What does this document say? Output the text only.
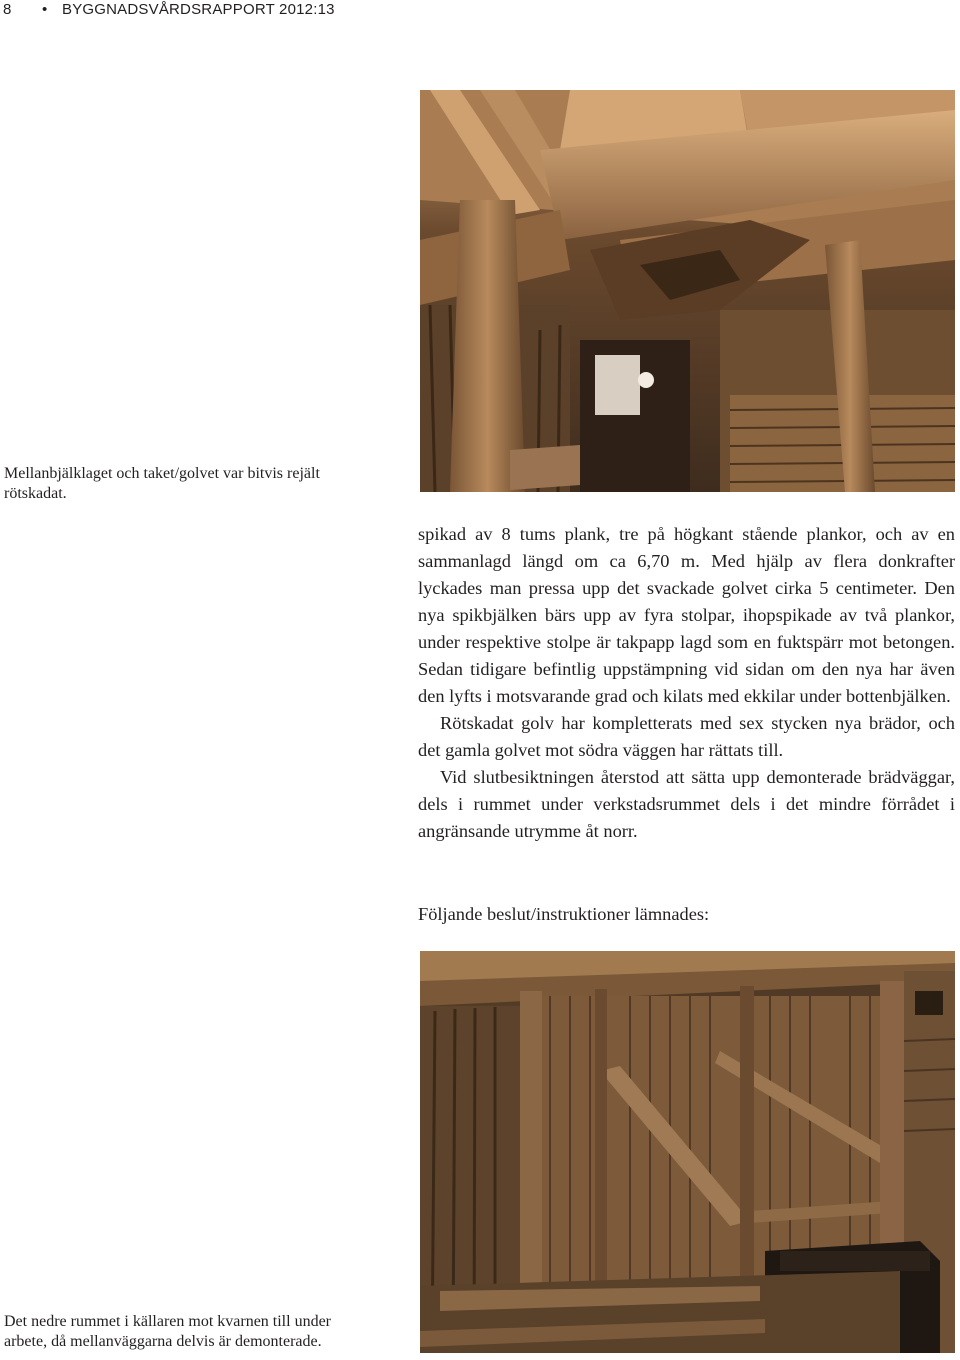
8 • BYGGNADSVÅRDSRAPPORT 2012:13
Mellanbjälklaget och taket/golvet var bitvis rejält rötskadat.

spikad av 8 tums plank, tre på högkant stående plankor, och av en sammanlagd längd om ca 6,70 m. Med hjälp av flera donkrafter lyckades man pressa upp det svackade golvet cirka 5 centimeter. Den nya spikbjälken bärs upp av fyra stolpar, ihopspikade av två plankor, under respektive stolpe är takpapp lagd som en fuktspärr mot betongen. Sedan tidigare befintlig uppstämpning vid sidan om den nya har även den lyfts i motsvarande grad och kilats med ekkilar under bottenbjälken.

Rötskadat golv har kompletterats med sex stycken nya brädor, och det gamla golvet mot södra väggen har rättats till.

Vid slutbesiktningen återstod att sätta upp demonterade brädväggar, dels i rummet under verkstadsrummet dels i det mindre förrådet i angränsande utrymme åt norr.

Följande beslut/instruktioner lämnades:
Det nedre rummet i källaren mot kvarnen till under arbete, då mellanväggarna delvis är demonterade.
